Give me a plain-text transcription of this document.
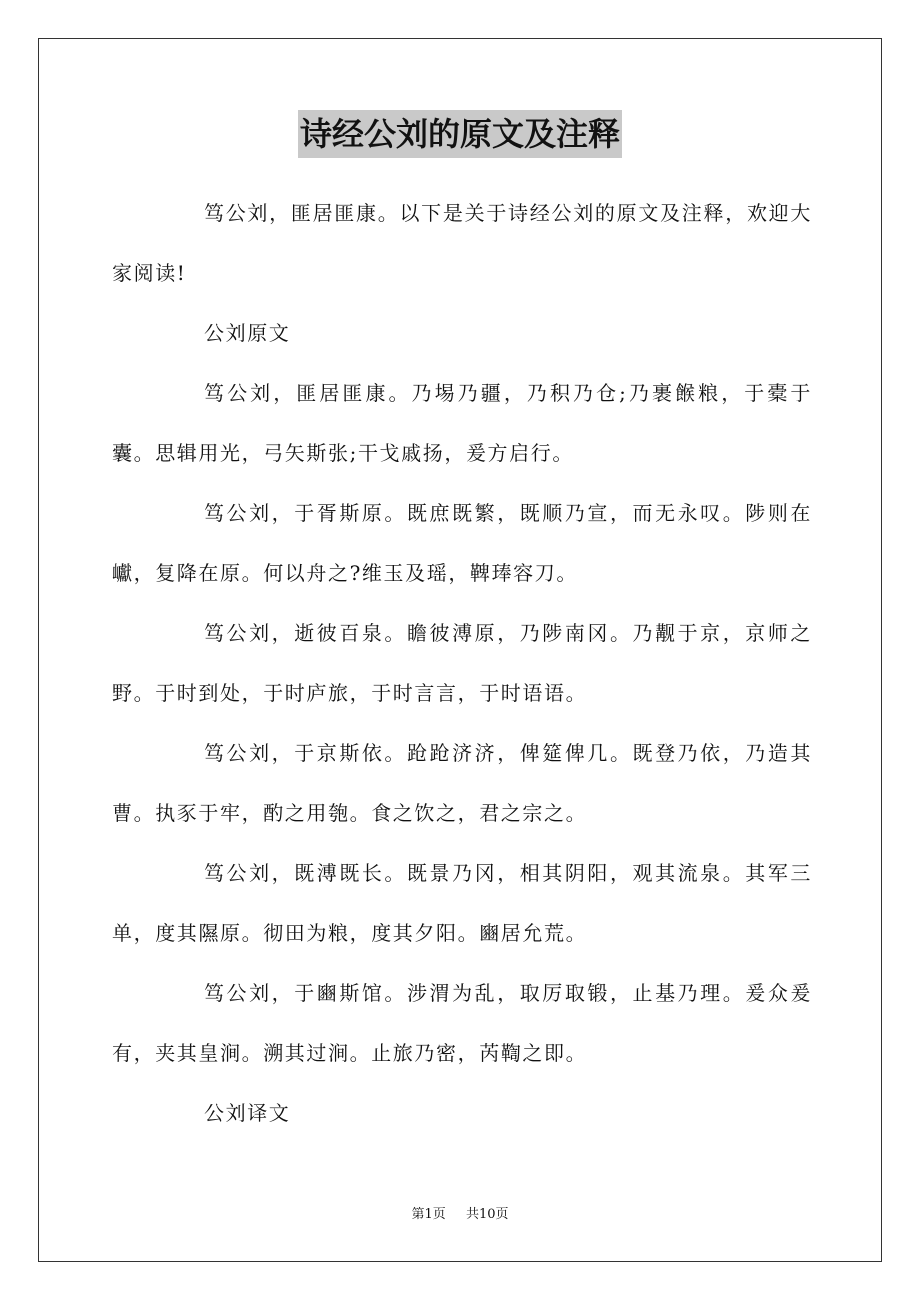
诗经公刘的原文及注释

笃公刘，匪居匪康。以下是关于诗经公刘的原文及注释，欢迎大家阅读!

公刘原文

笃公刘，匪居匪康。乃埸乃疆，乃积乃仓;乃裹餱粮，于橐于囊。思辑用光，弓矢斯张;干戈戚扬，爰方启行。

笃公刘，于胥斯原。既庶既繁，既顺乃宣，而无永叹。陟则在巘，复降在原。何以舟之?维玉及瑶，鞞琫容刀。

笃公刘，逝彼百泉。瞻彼溥原，乃陟南冈。乃觏于京，京师之野。于时到处，于时庐旅，于时言言，于时语语。

笃公刘，于京斯依。跄跄济济，俾筵俾几。既登乃依，乃造其曹。执豕于牢，酌之用匏。食之饮之，君之宗之。

笃公刘，既溥既长。既景乃冈，相其阴阳，观其流泉。其军三单，度其隰原。彻田为粮，度其夕阳。豳居允荒。

笃公刘，于豳斯馆。涉渭为乱，取厉取锻，止基乃理。爰众爰有，夹其皇涧。溯其过涧。止旅乃密，芮鞫之即。

公刘译文

第1页 共10页
